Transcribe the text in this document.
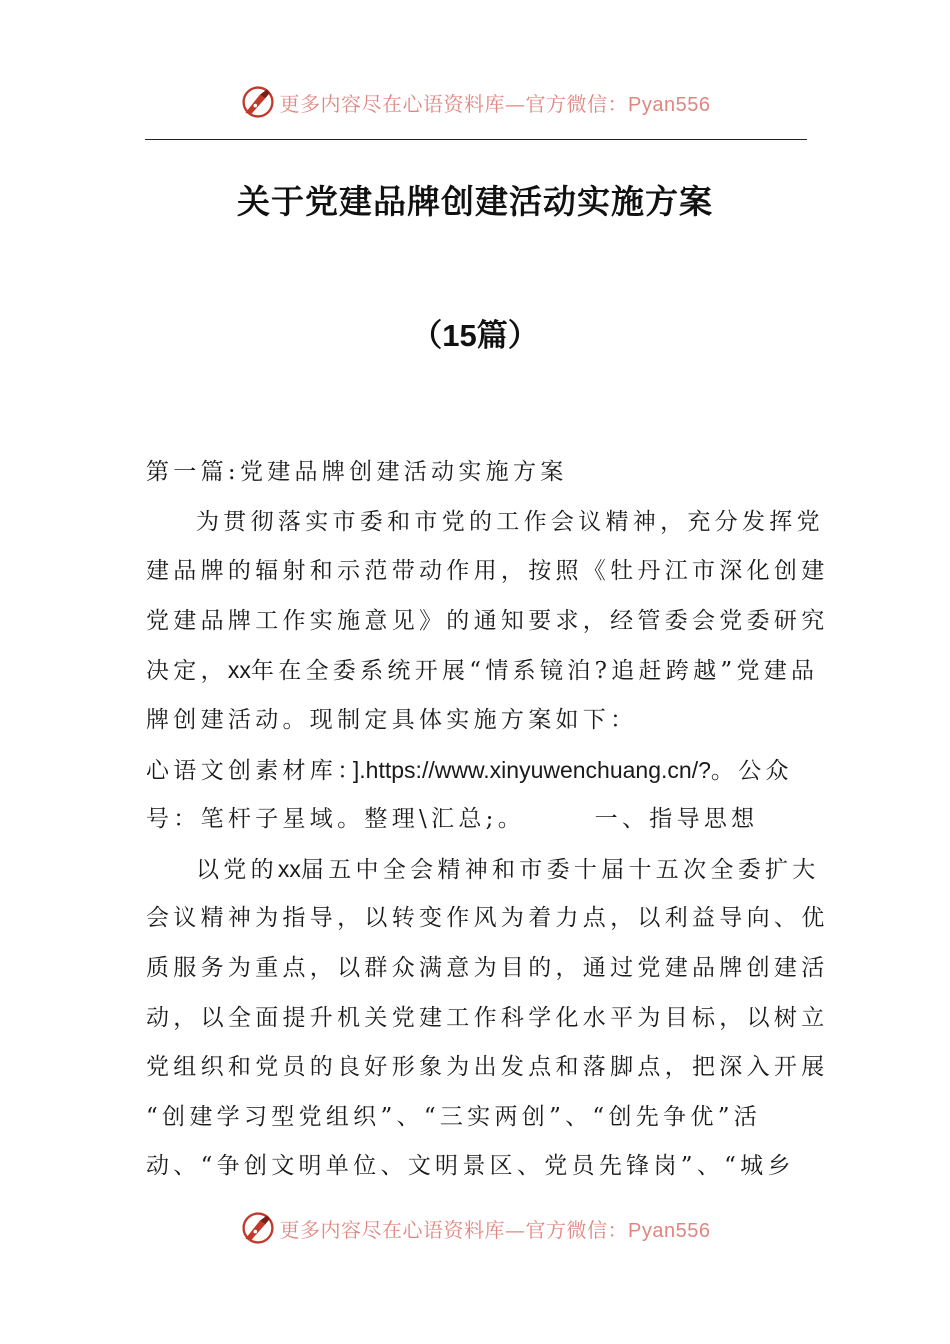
更多内容尽在心语资料库—官方微信：Pyan556
关于党建品牌创建活动实施方案
（15篇）
第一篇:党建品牌创建活动实施方案
为贯彻落实市委和市党的工作会议精神，充分发挥党
建品牌的辐射和示范带动作用，按照《牡丹江市深化创建
党建品牌工作实施意见》的通知要求，经管委会党委研究
决定，xx年在全委系统开展“情系镜泊?追赶跨越”党建品
牌创建活动。现制定具体实施方案如下：
心语文创素材库：].https://www.xinyuwenchuang.cn/?。公众
号：笔杆子星域。整理\汇总;。      一、指导思想
以党的xx届五中全会精神和市委十届十五次全委扩大
会议精神为指导，以转变作风为着力点，以利益导向、优
质服务为重点，以群众满意为目的，通过党建品牌创建活
动，以全面提升机关党建工作科学化水平为目标，以树立
党组织和党员的良好形象为出发点和落脚点，把深入开展
“创建学习型党组织”、“三实两创”、“创先争优”活
动、“争创文明单位、文明景区、党员先锋岗”、“城乡
更多内容尽在心语资料库—官方微信：Pyan556
